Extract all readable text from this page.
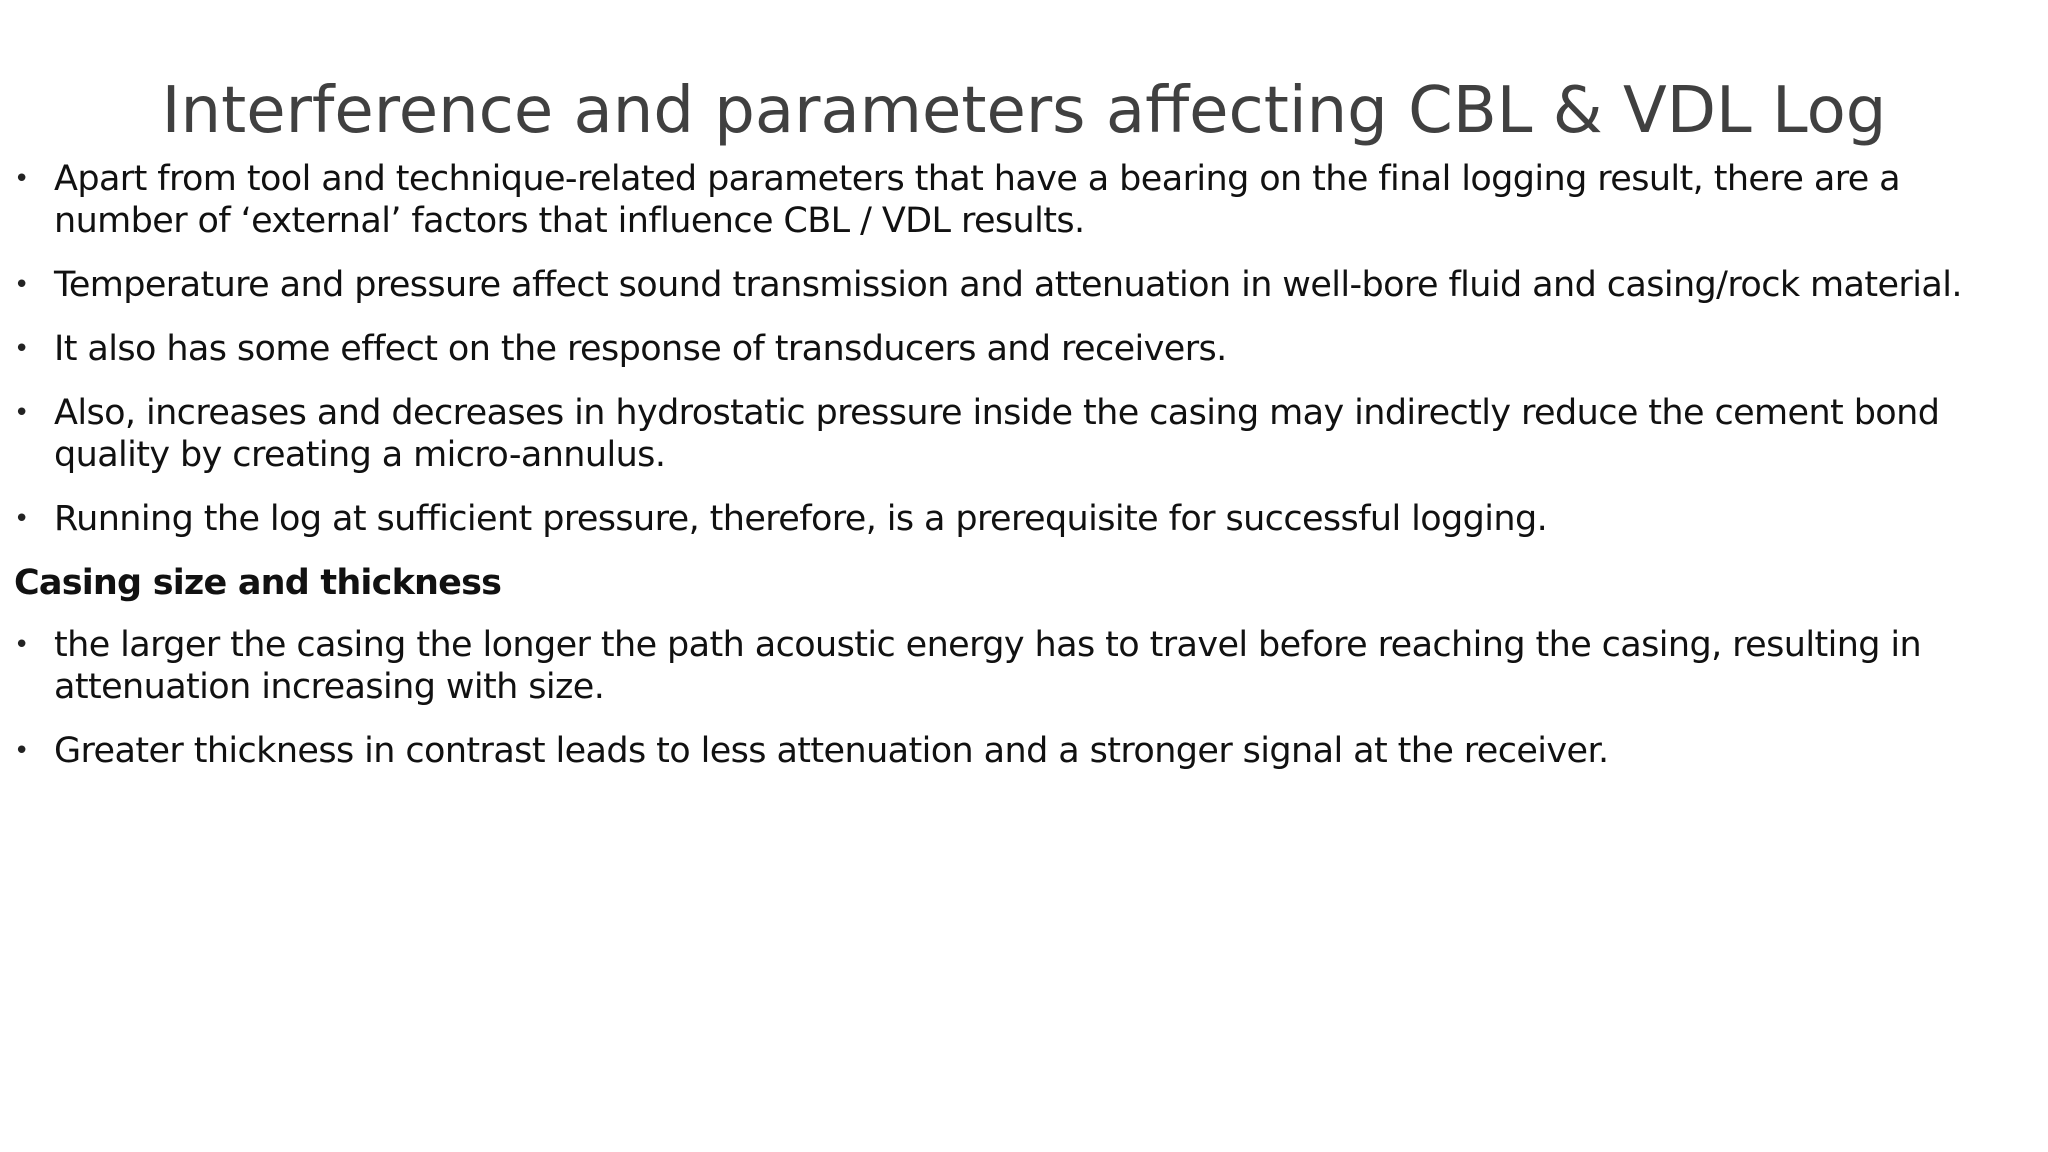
Interference and parameters affecting CBL & VDL Log
• Apart from tool and technique-related parameters that have a bearing on the final logging result, there are a number of ‘external’ factors that influence CBL / VDL results.
• Temperature and pressure affect sound transmission and attenuation in well-bore fluid and casing/rock material.
• It also has some effect on the response of transducers and receivers.
• Also, increases and decreases in hydrostatic pressure inside the casing may indirectly reduce the cement bond quality by creating a micro-annulus.
• Running the log at sufficient pressure, therefore, is a prerequisite for successful logging.
Casing size and thickness
• the larger the casing the longer the path acoustic energy has to travel before reaching the casing, resulting in attenuation increasing with size.
• Greater thickness in contrast leads to less attenuation and a stronger signal at the receiver.
